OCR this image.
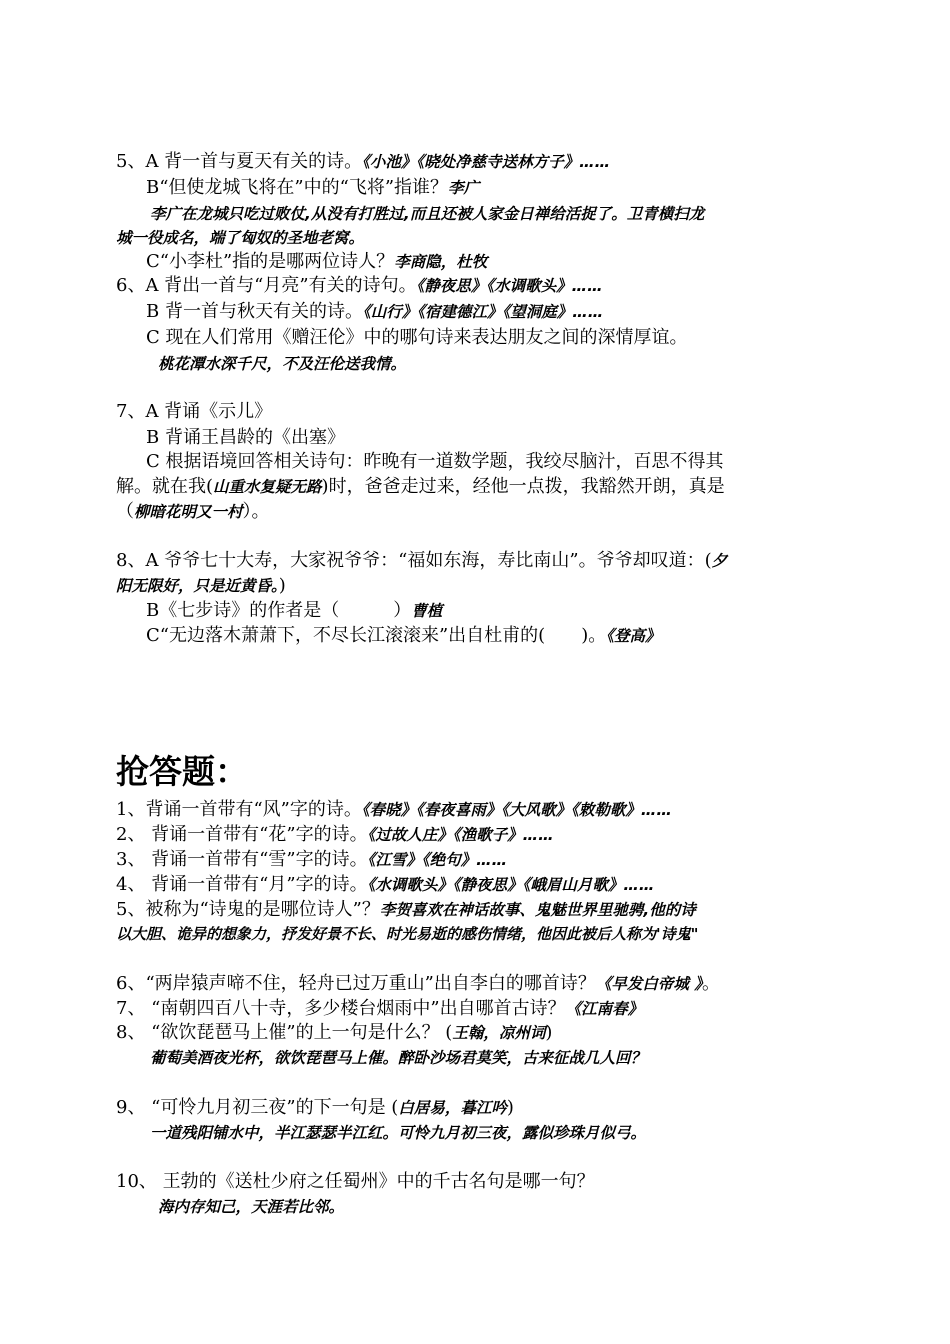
5、A 背一首与夏天有关的诗。《小池》《晓处净慈寺送林方子》……
B“但使龙城飞将在”中的“飞将”指谁？李广
李广在龙城只吃过败仗,从没有打胜过,而且还被人家金日禅给活捉了。卫青横扫龙
城一役成名，端了匈奴的圣地老窝。
C“小李杜”指的是哪两位诗人？李商隐，杜牧
6、A 背出一首与“月亮”有关的诗句。《静夜思》《水调歌头》……
B 背一首与秋天有关的诗。《山行》《宿建德江》《望洞庭》……
C 现在人们常用《赠汪伦》中的哪句诗来表达朋友之间的深情厚谊。
桃花潭水深千尺，不及汪伦送我情。
7、A 背诵《示儿》
B 背诵王昌龄的《出塞》
C 根据语境回答相关诗句：昨晚有一道数学题，我绞尽脑汁，百思不得其
解。就在我(山重水复疑无路)时，爸爸走过来，经他一点拨，我豁然开朗，真是
（柳暗花明又一村）。
8、A 爷爷七十大寿，大家祝爷爷：“福如东海，寿比南山”。爷爷却叹道：(夕
阳无限好，只是近黄昏。)
B《七步诗》的作者是（　　　）曹植
C“无边落木萧萧下，不尽长江滚滚来”出自杜甫的(　　)。《登高》
抢答题：
1、背诵一首带有“风”字的诗。《春晓》《春夜喜雨》《大风歌》《敕勒歌》……
2、 背诵一首带有“花”字的诗。《过故人庄》《渔歌子》……
3、 背诵一首带有“雪”字的诗。《江雪》《绝句》……
4、 背诵一首带有“月”字的诗。《水调歌头》《静夜思》《峨眉山月歌》……
5、被称为“诗鬼的是哪位诗人”？李贺喜欢在神话故事、鬼魅世界里驰骋,他的诗
以大胆、诡异的想象力，抒发好景不长、时光易逝的感伤情绪，他因此被后人称为'诗鬼"
6、“两岸猿声啼不住，轻舟已过万重山”出自李白的哪首诗？《早发白帝城 》。
7、 “南朝四百八十寺，多少楼台烟雨中”出自哪首古诗？《江南春》
8、 “欲饮琵琶马上催”的上一句是什么？ (王翰，凉州词)
葡萄美酒夜光杯，欲饮琵琶马上催。醉卧沙场君莫笑，古来征战几人回？
9、 “可怜九月初三夜”的下一句是 (白居易，暮江吟)
一道残阳铺水中，半江瑟瑟半江红。可怜九月初三夜，露似珍珠月似弓。
10、 王勃的《送杜少府之任蜀州》中的千古名句是哪一句？
海内存知己，天涯若比邻。
